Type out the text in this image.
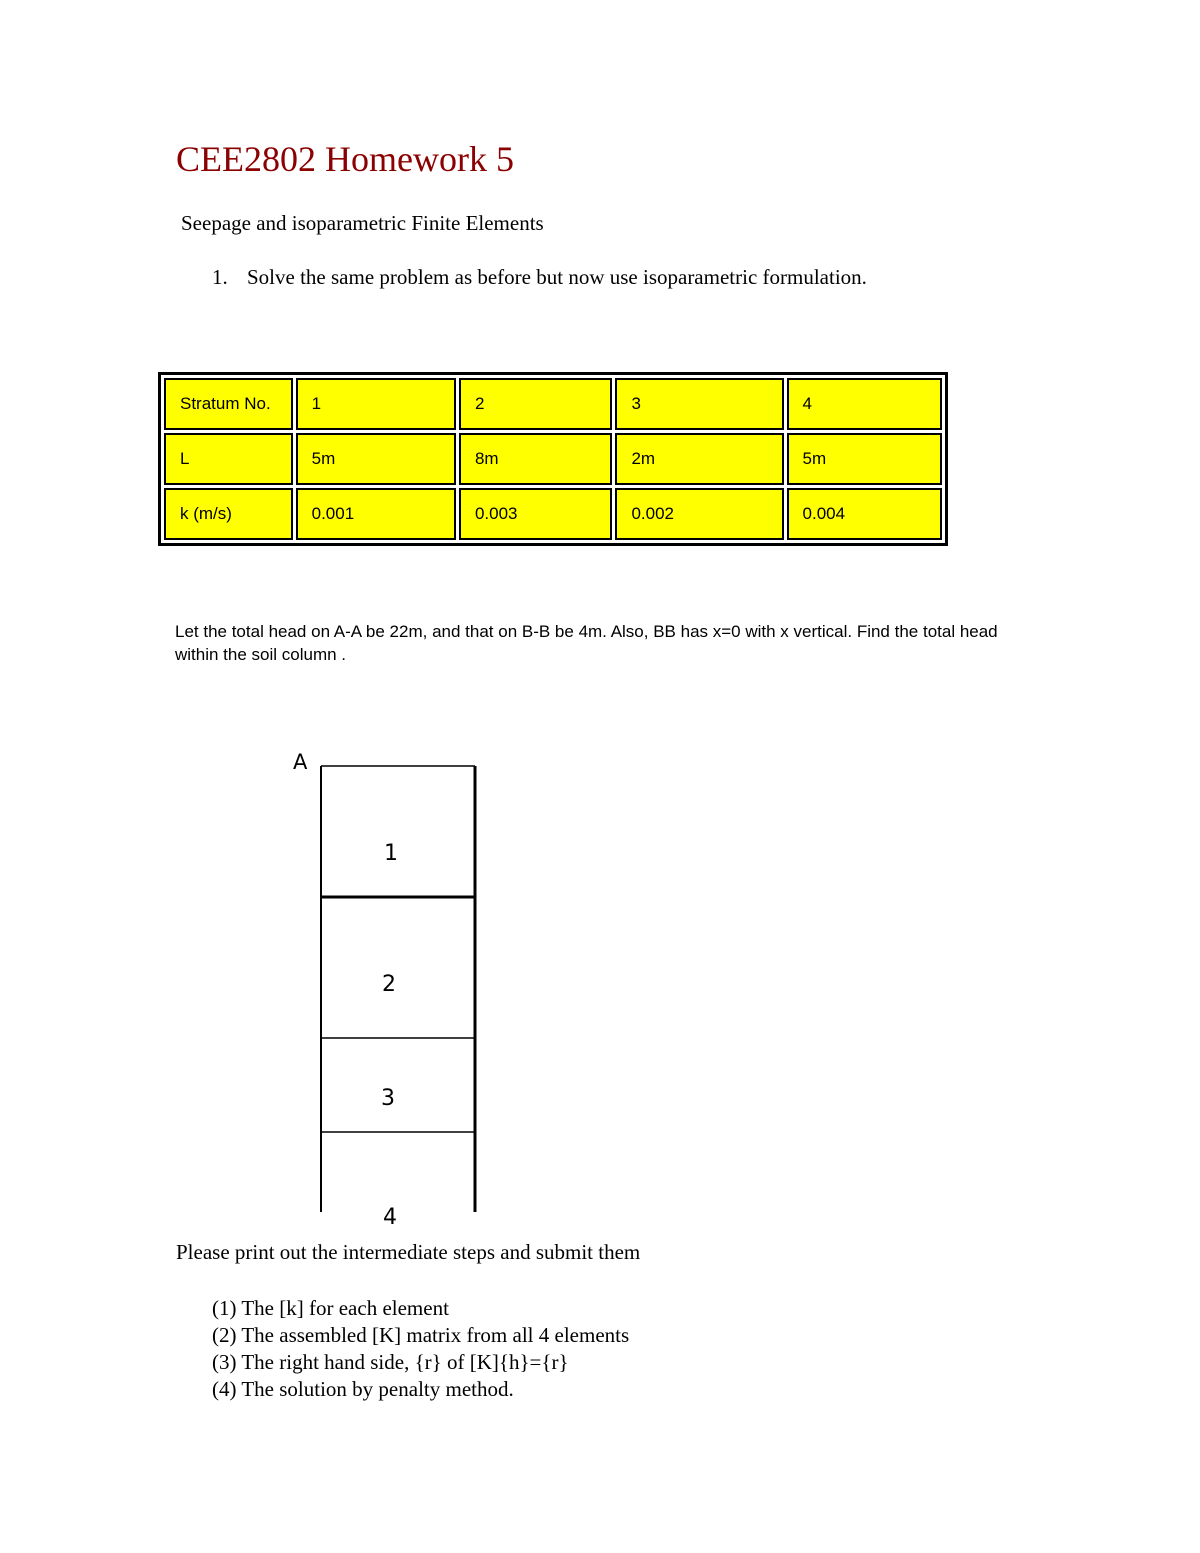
CEE2802 Homework 5
Seepage and isoparametric Finite Elements
1. Solve the same problem as before but now use isoparametric formulation.
Stratum No.	1	2	3	4
L	5m	8m	2m	5m
k (m/s)	0.001	0.003	0.002	0.004
Let the total head on A-A be 22m, and that on B-B be 4m. Also, BB has x=0 with x vertical. Find the total head within the soil column .
A
1
2
3
4
Please print out the intermediate steps and submit them
(1) The [k] for each element
(2) The assembled [K] matrix from all 4 elements
(3) The right hand side, {r} of [K]{h}={r}
(4) The solution by penalty method.
